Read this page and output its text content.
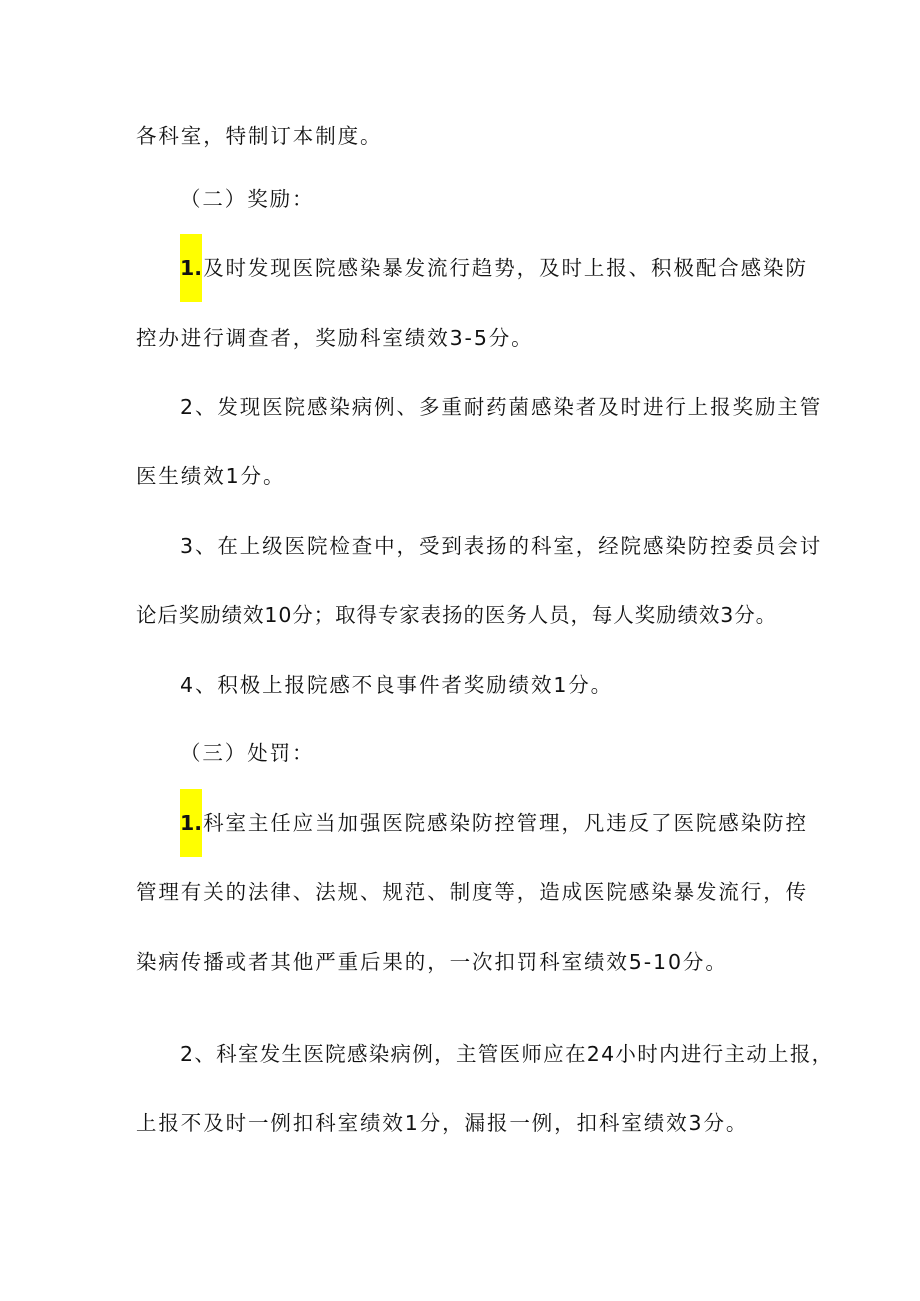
各科室，特制订本制度。
（二）奖励：
1.及时发现医院感染暴发流行趋势，及时上报、积极配合感染防
控办进行调查者，奖励科室绩效3-5分。
2、发现医院感染病例、多重耐药菌感染者及时进行上报奖励主管
医生绩效1分。
3、在上级医院检查中，受到表扬的科室，经院感染防控委员会讨
论后奖励绩效10分；取得专家表扬的医务人员，每人奖励绩效3分。
4、积极上报院感不良事件者奖励绩效1分。
（三）处罚：
1.科室主任应当加强医院感染防控管理，凡违反了医院感染防控
管理有关的法律、法规、规范、制度等，造成医院感染暴发流行，传
染病传播或者其他严重后果的，一次扣罚科室绩效5-10分。
2、科室发生医院感染病例，主管医师应在24小时内进行主动上报，
上报不及时一例扣科室绩效1分，漏报一例，扣科室绩效3分。
